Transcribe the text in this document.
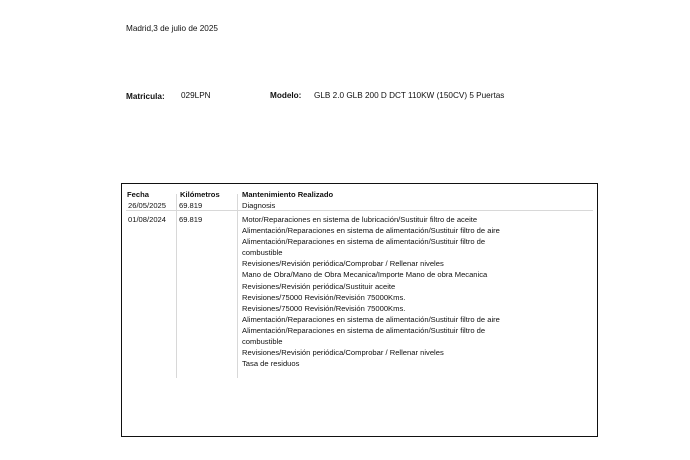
Madrid,3 de julio de 2025
Matricula: 029LPN	Modelo: GLB 2.0 GLB 200 D DCT 110KW (150CV) 5 Puertas
Fecha	Kilómetros	Mantenimiento Realizado
26/05/2025 69.819	Diagnosis
01/08/2024 69.819	Motor/Reparaciones en sistema de lubricación/Sustituir filtro de aceite
Alimentación/Reparaciones en sistema de alimentación/Sustituir filtro de aire
Alimentación/Reparaciones en sistema de alimentación/Sustituir filtro de
combustible
Revisiones/Revisión periódica/Comprobar / Rellenar niveles
Mano de Obra/Mano de Obra Mecanica/Importe Mano de obra Mecanica
Revisiones/Revisión periódica/Sustituir aceite
Revisiones/75000 Revisión/Revisión 75000Kms.
Revisiones/75000 Revisión/Revisión 75000Kms.
Alimentación/Reparaciones en sistema de alimentación/Sustituir filtro de aire
Alimentación/Reparaciones en sistema de alimentación/Sustituir filtro de
combustible
Revisiones/Revisión periódica/Comprobar / Rellenar niveles
Tasa de residuos
